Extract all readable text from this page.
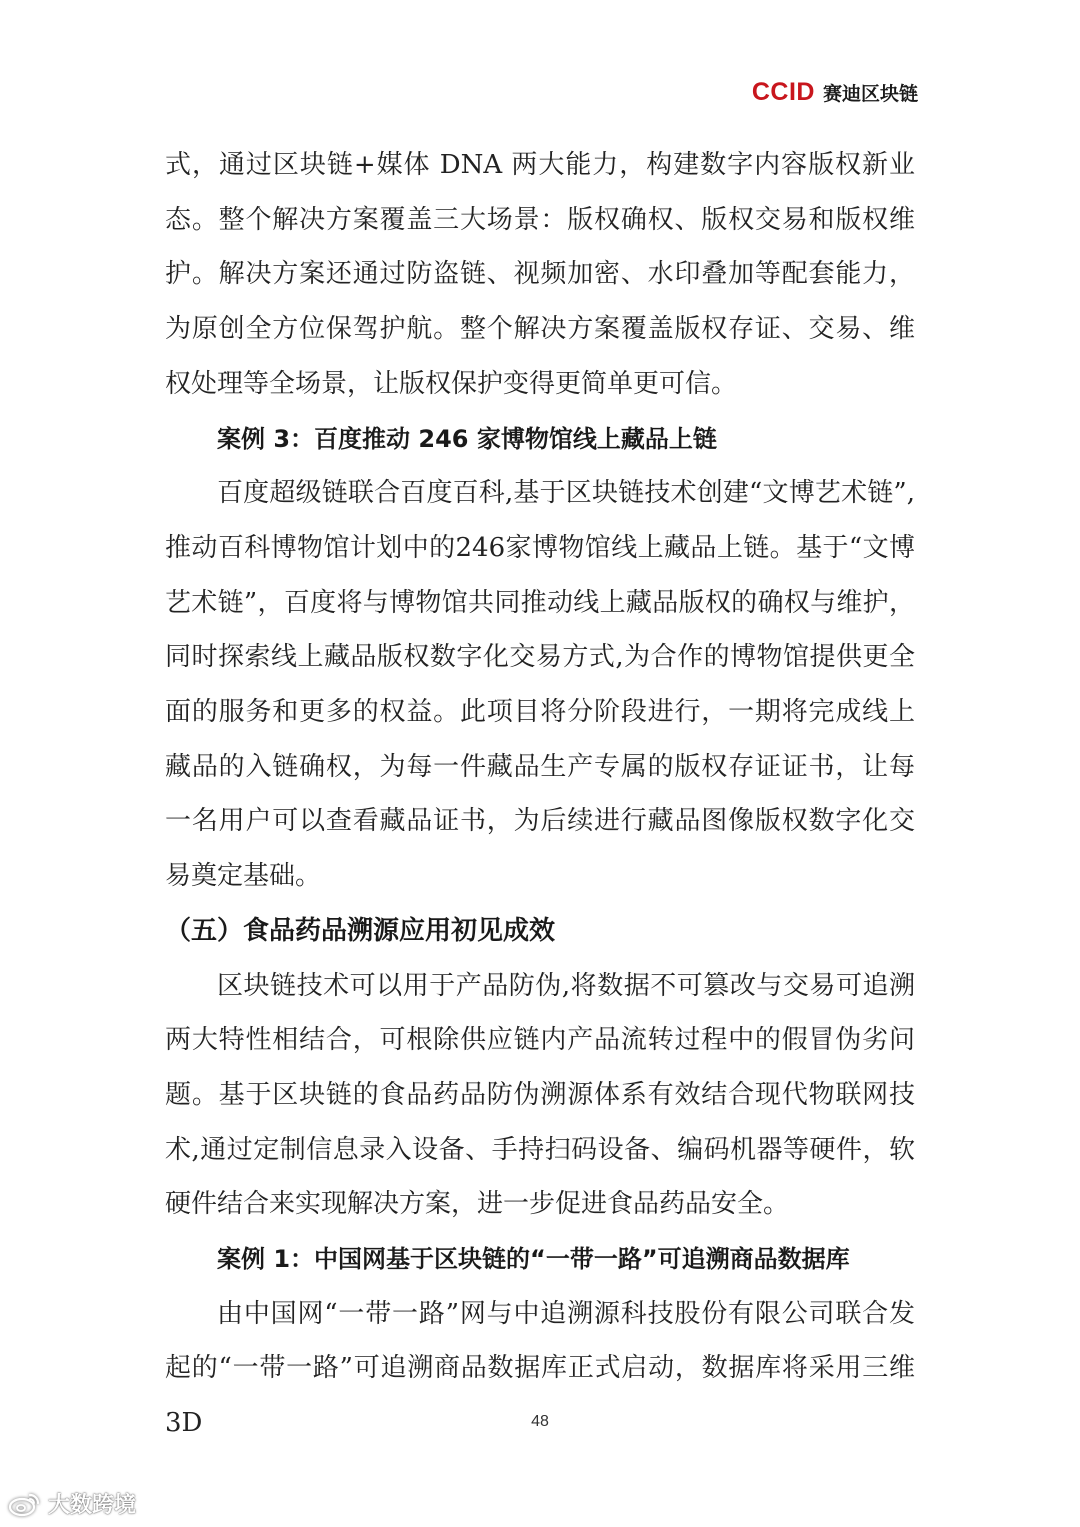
CCID 赛迪区块链

式，通过区块链+媒体 DNA 两大能力，构建数字内容版权新业态。整个解决方案覆盖三大场景：版权确权、版权交易和版权维护。解决方案还通过防盗链、视频加密、水印叠加等配套能力，为原创全方位保驾护航。整个解决方案覆盖版权存证、交易、维权处理等全场景，让版权保护变得更简单更可信。

案例 3：百度推动 246 家博物馆线上藏品上链

百度超级链联合百度百科,基于区块链技术创建“文博艺术链”,推动百科博物馆计划中的246家博物馆线上藏品上链。基于“文博艺术链”，百度将与博物馆共同推动线上藏品版权的确权与维护，同时探索线上藏品版权数字化交易方式,为合作的博物馆提供更全面的服务和更多的权益。此项目将分阶段进行，一期将完成线上藏品的入链确权，为每一件藏品生产专属的版权存证证书，让每一名用户可以查看藏品证书，为后续进行藏品图像版权数字化交易奠定基础。

（五）食品药品溯源应用初见成效

区块链技术可以用于产品防伪,将数据不可篡改与交易可追溯两大特性相结合，可根除供应链内产品流转过程中的假冒伪劣问题。基于区块链的食品药品防伪溯源体系有效结合现代物联网技术,通过定制信息录入设备、手持扫码设备、编码机器等硬件，软硬件结合来实现解决方案，进一步促进食品药品安全。

案例 1：中国网基于区块链的“一带一路”可追溯商品数据库

由中国网“一带一路”网与中追溯源科技股份有限公司联合发起的“一带一路”可追溯商品数据库正式启动，数据库将采用三维 3D	48
大数跨境
